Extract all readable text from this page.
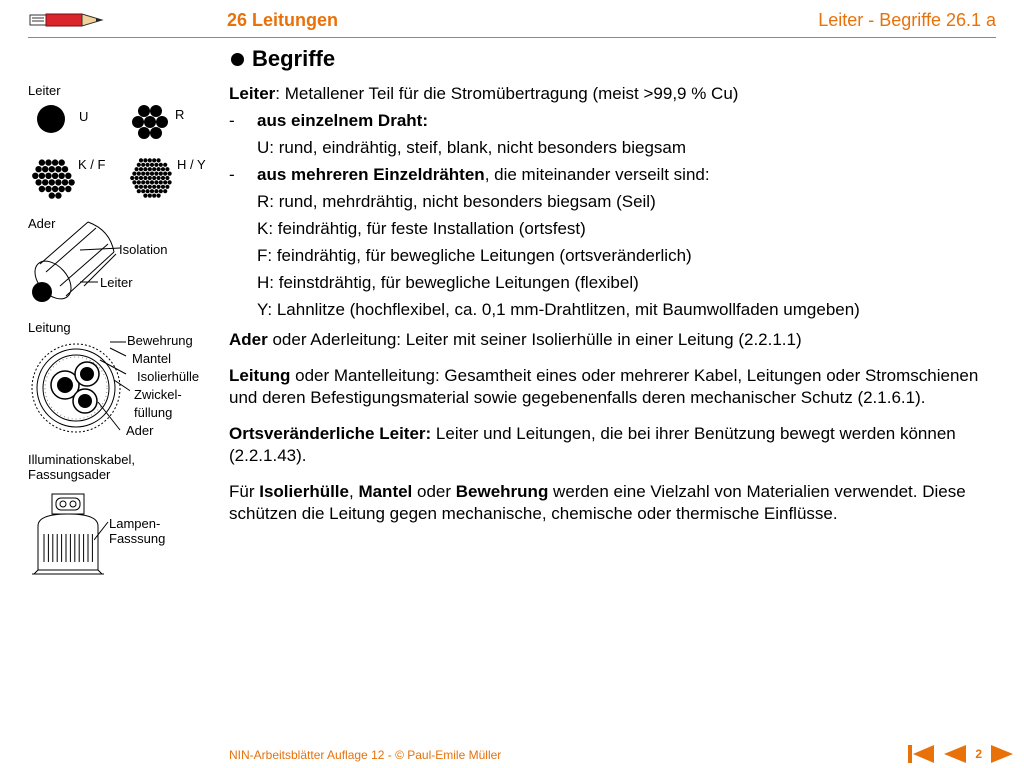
26 Leitungen	Leiter - Begriffe 26.1 a
Leiter
U	R
K / F	H / Y
Ader
Isolation
Leiter
Leitung
Bewehrung
Mantel
Isolierhülle
Zwickel-
füllung
Ader
Illuminationskabel,
Fassungsader
Lampen-
Fasssung
Begriffe
Leiter: Metallener Teil für die Stromübertragung (meist >99,9 % Cu)
-	aus einzelnem Draht:
U: rund, eindrähtig, steif, blank, nicht besonders biegsam
-	aus mehreren Einzeldrähten, die miteinander verseilt sind:
R: rund, mehrdrähtig, nicht besonders biegsam (Seil)
K: feindrähtig, für feste Installation (ortsfest)
F: feindrähtig, für bewegliche Leitungen (ortsveränderlich)
H: feinstdrähtig, für bewegliche Leitungen (flexibel)
Y: Lahnlitze (hochflexibel, ca. 0,1 mm-Drahtlitzen, mit Baumwollfaden umgeben)
Ader oder Aderleitung: Leiter mit seiner Isolierhülle in einer Leitung (2.2.1.1)
Leitung oder Mantelleitung: Gesamtheit eines oder mehrerer Kabel, Leitungen oder Stromschienen und deren Befestigungsmaterial sowie gegebenenfalls deren mechanischer Schutz (2.1.6.1).
Ortsveränderliche Leiter: Leiter und Leitungen, die bei ihrer Benützung bewegt werden können (2.2.1.43).
Für Isolierhülle, Mantel oder Bewehrung werden eine Vielzahl von Materialien verwendet. Diese schützen die Leitung gegen mechanische, chemische oder thermische Einflüsse.
NIN-Arbeitsblätter Auflage 12 - © Paul-Emile Müller	2
